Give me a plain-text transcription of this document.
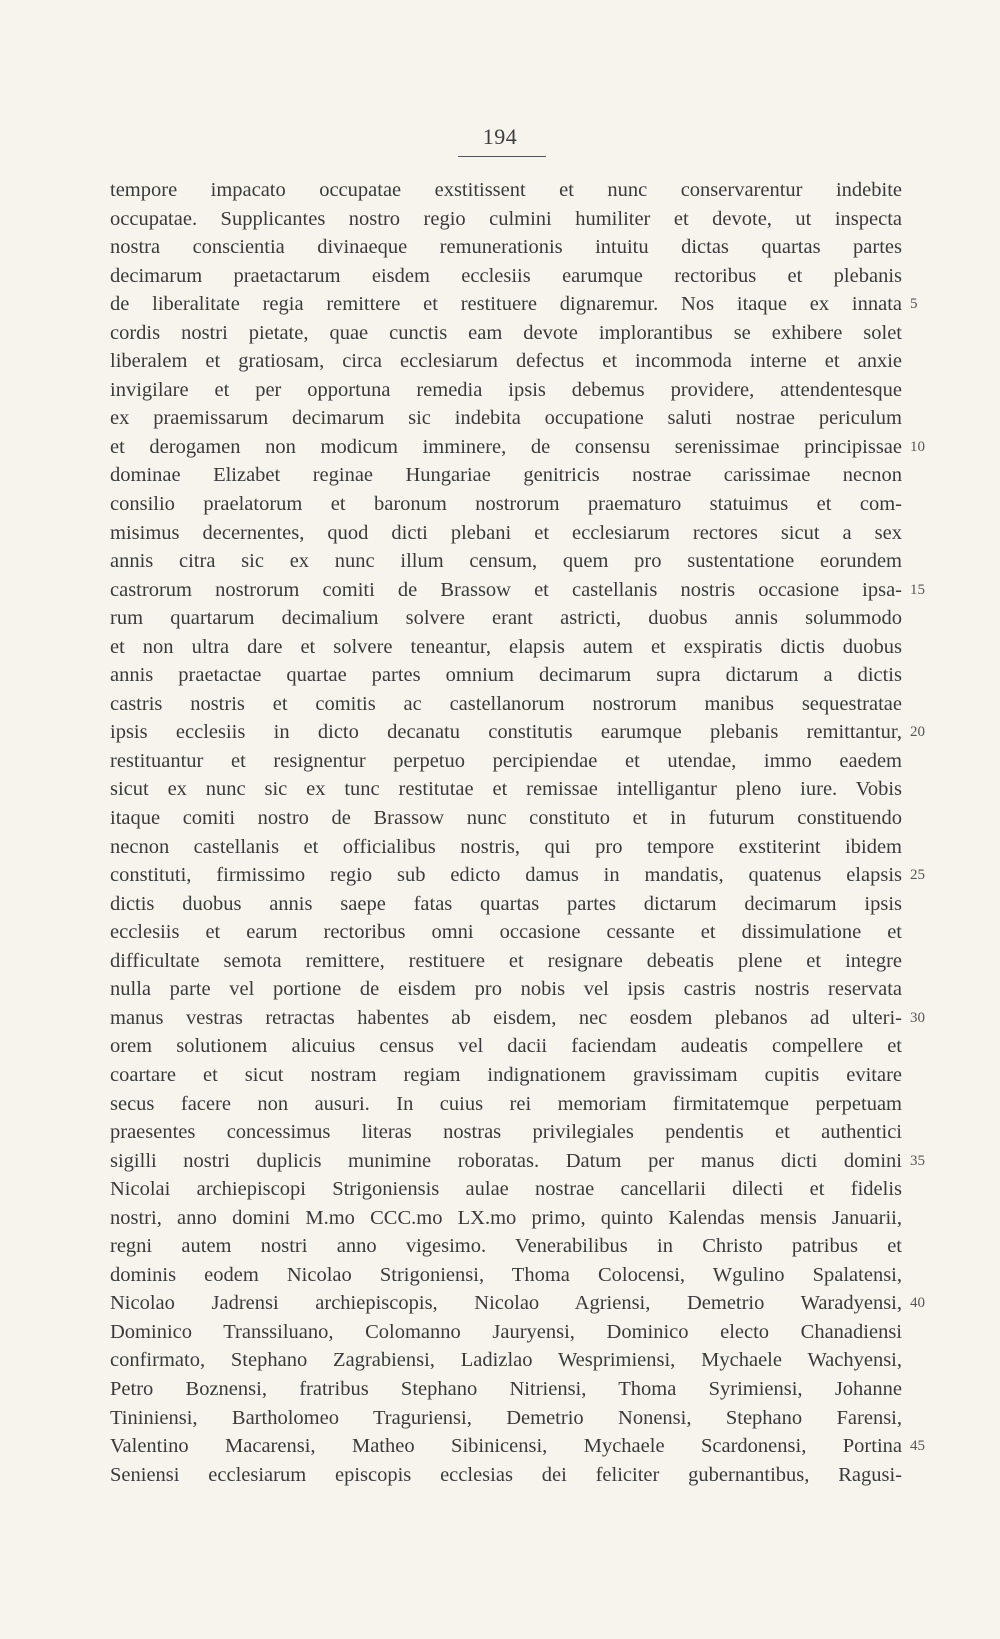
194
tempore impacato occupatae exstitissent et nunc conservarentur indebite
occupatae. Supplicantes nostro regio culmini humiliter et devote, ut inspecta
nostra conscientia divinaeque remunerationis intuitu dictas quartas partes
decimarum praetactarum eisdem ecclesiis earumque rectoribus et plebanis
de liberalitate regia remittere et restituere dignaremur. Nos itaque ex innata
cordis nostri pietate, quae cunctis eam devote implorantibus se exhibere solet
liberalem et gratiosam, circa ecclesiarum defectus et incommoda interne et anxie
invigilare et per opportuna remedia ipsis debemus providere, attendentesque
ex praemissarum decimarum sic indebita occupatione saluti nostrae periculum
et derogamen non modicum imminere, de consensu serenissimae principissae
dominae Elizabet reginae Hungariae genitricis nostrae carissimae necnon
consilio praelatorum et baronum nostrorum praematuro statuimus et com-
misimus decernentes, quod dicti plebani et ecclesiarum rectores sicut a sex
annis citra sic ex nunc illum censum, quem pro sustentatione eorundem
castrorum nostrorum comiti de Brassow et castellanis nostris occasione ipsa-
rum quartarum decimalium solvere erant astricti, duobus annis solummodo
et non ultra dare et solvere teneantur, elapsis autem et exspiratis dictis duobus
annis praetactae quartae partes omnium decimarum supra dictarum a dictis
castris nostris et comitis ac castellanorum nostrorum manibus sequestratae
ipsis ecclesiis in dicto decanatu constitutis earumque plebanis remittantur,
restituantur et resignentur perpetuo percipiendae et utendae, immo eaedem
sicut ex nunc sic ex tunc restitutae et remissae intelligantur pleno iure. Vobis
itaque comiti nostro de Brassow nunc constituto et in futurum constituendo
necnon castellanis et officialibus nostris, qui pro tempore exstiterint ibidem
constituti, firmissimo regio sub edicto damus in mandatis, quatenus elapsis
dictis duobus annis saepe fatas quartas partes dictarum decimarum ipsis
ecclesiis et earum rectoribus omni occasione cessante et dissimulatione et
difficultate semota remittere, restituere et resignare debeatis plene et integre
nulla parte vel portione de eisdem pro nobis vel ipsis castris nostris reservata
manus vestras retractas habentes ab eisdem, nec eosdem plebanos ad ulteri-
orem solutionem alicuius census vel dacii faciendam audeatis compellere et
coartare et sicut nostram regiam indignationem gravissimam cupitis evitare
secus facere non ausuri. In cuius rei memoriam firmitatemque perpetuam
praesentes concessimus literas nostras privilegiales pendentis et authentici
sigilli nostri duplicis munimine roboratas. Datum per manus dicti domini
Nicolai archiepiscopi Strigoniensis aulae nostrae cancellarii dilecti et fidelis
nostri, anno domini M.mo CCC.mo LX.mo primo, quinto Kalendas mensis Januarii,
regni autem nostri anno vigesimo. Venerabilibus in Christo patribus et
dominis eodem Nicolao Strigoniensi, Thoma Colocensi, Wgulino Spalatensi,
Nicolao Jadrensi archiepiscopis, Nicolao Agriensi, Demetrio Waradyensi,
Dominico Transsiluano, Colomanno Jauryensi, Dominico electo Chanadiensi
confirmato, Stephano Zagrabiensi, Ladizlao Wesprimiensi, Mychaele Wachyensi,
Petro Boznensi, fratribus Stephano Nitriensi, Thoma Syrimiensi, Johanne
Tininiensi, Bartholomeo Traguriensi, Demetrio Nonensi, Stephano Farensi,
Valentino Macarensi, Matheo Sibinicensi, Mychaele Scardonensi, Portina
Seniensi ecclesiarum episcopis ecclesias dei feliciter gubernantibus, Ragusi-
5
10
15
20
25
30
35
40
45
